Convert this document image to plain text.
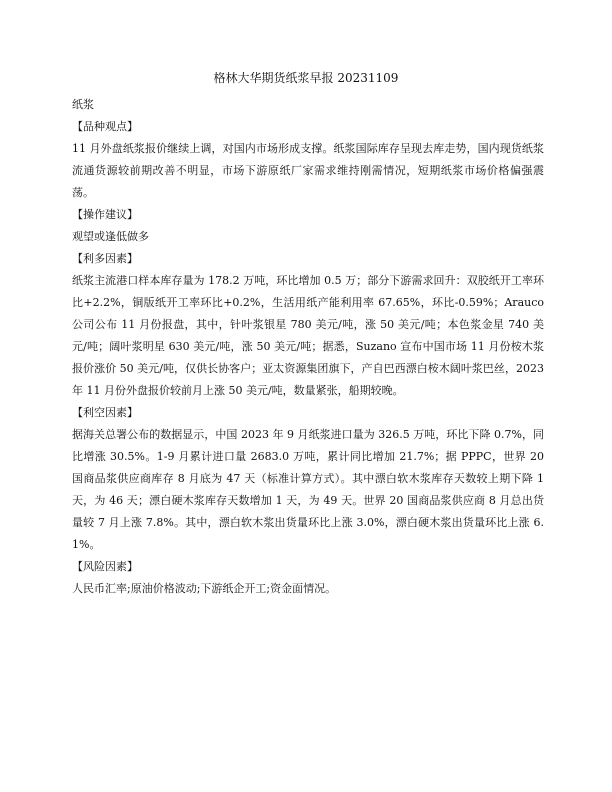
格林大华期货纸浆早报 20231109

纸浆

【品种观点】

11 月外盘纸浆报价继续上调，对国内市场形成支撑。纸浆国际库存呈现去库走势，国内现货纸浆流通货源较前期改善不明显，市场下游原纸厂家需求维持刚需情况，短期纸浆市场价格偏强震荡。

【操作建议】

观望或逢低做多

【利多因素】

纸浆主流港口样本库存量为 178.2 万吨，环比增加 0.5 万；部分下游需求回升：双胶纸开工率环比+2.2%，铜版纸开工率环比+0.2%，生活用纸产能利用率 67.65%，环比-0.59%；Arauco 公司公布 11 月份报盘，其中，针叶浆银星 780 美元/吨，涨 50 美元/吨；本色浆金星 740 美元/吨；阔叶浆明星 630 美元/吨，涨 50 美元/吨；据悉，Suzano 宣布中国市场 11 月份桉木浆报价涨价 50 美元/吨，仅供长协客户；亚太资源集团旗下，产自巴西漂白桉木阔叶浆巴丝，2023 年 11 月份外盘报价较前月上涨 50 美元/吨，数量紧张，船期较晚。

【利空因素】

据海关总署公布的数据显示，中国 2023 年 9 月纸浆进口量为 326.5 万吨，环比下降 0.7%，同比增涨 30.5%。1-9 月累计进口量 2683.0 万吨，累计同比增加 21.7%；据 PPPC，世界 20 国商品浆供应商库存 8 月底为 47 天（标准计算方式）。其中漂白软木浆库存天数较上期下降 1 天，为 46 天；漂白硬木浆库存天数增加 1 天，为 49 天。世界 20 国商品浆供应商 8 月总出货量较 7 月上涨 7.8%。其中，漂白软木浆出货量环比上涨 3.0%，漂白硬木浆出货量环比上涨 6.1%。

【风险因素】

人民币汇率;原油价格波动;下游纸企开工;资金面情况。
